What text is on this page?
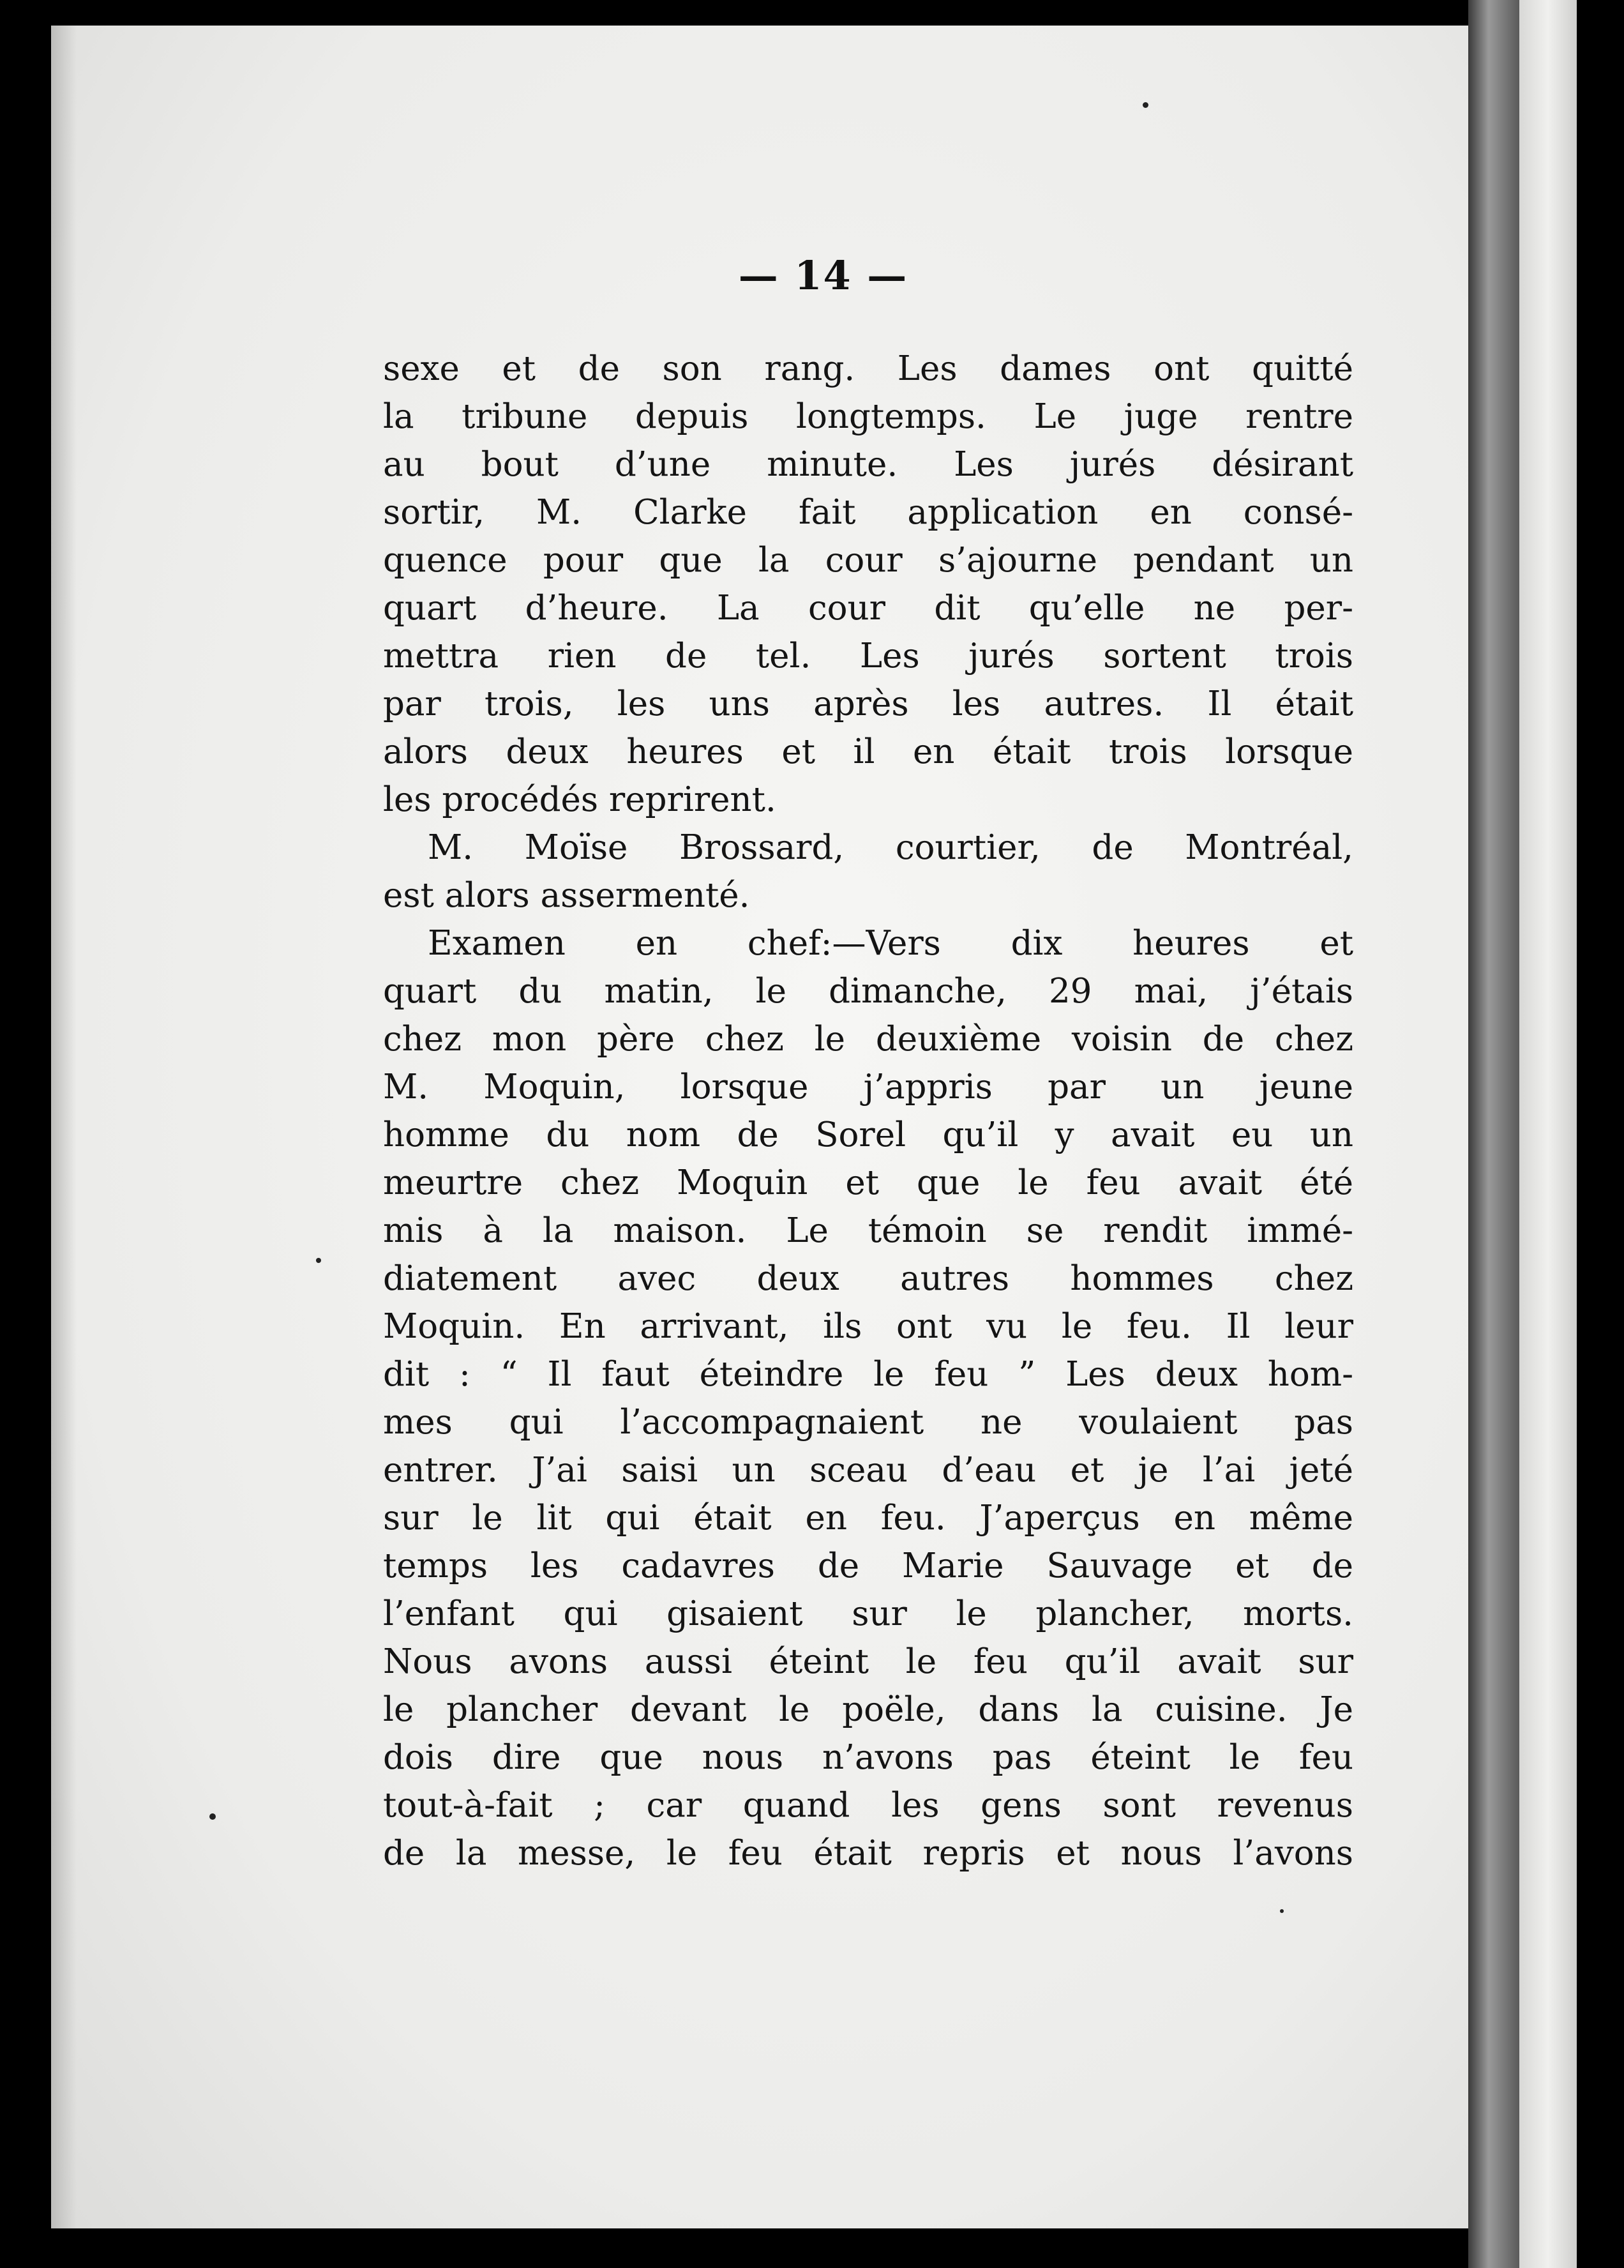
— 14 —
sexe et de son rang. Les dames ont quitté
la tribune depuis longtemps. Le juge rentre
au bout d’une minute. Les jurés désirant
sortir, M. Clarke fait application en consé-
quence pour que la cour s’ajourne pendant un
quart d’heure. La cour dit qu’elle ne per-
mettra rien de tel. Les jurés sortent trois
par trois, les uns après les autres. Il était
alors deux heures et il en était trois lorsque
les procédés reprirent.
M. Moïse Brossard, courtier, de Montréal,
est alors assermenté.
Examen en chef:—Vers dix heures et
quart du matin, le dimanche, 29 mai, j’étais
chez mon père chez le deuxième voisin de chez
M. Moquin, lorsque j’appris par un jeune
homme du nom de Sorel qu’il y avait eu un
meurtre chez Moquin et que le feu avait été
mis à la maison. Le témoin se rendit immé-
diatement avec deux autres hommes chez
Moquin. En arrivant, ils ont vu le feu. Il leur
dit : “ Il faut éteindre le feu ” Les deux hom-
mes qui l’accompagnaient ne voulaient pas
entrer. J’ai saisi un sceau d’eau et je l’ai jeté
sur le lit qui était en feu. J’aperçus en même
temps les cadavres de Marie Sauvage et de
l’enfant qui gisaient sur le plancher, morts.
Nous avons aussi éteint le feu qu’il avait sur
le plancher devant le poële, dans la cuisine. Je
dois dire que nous n’avons pas éteint le feu
tout-à-fait ; car quand les gens sont revenus
de la messe, le feu était repris et nous l’avons
